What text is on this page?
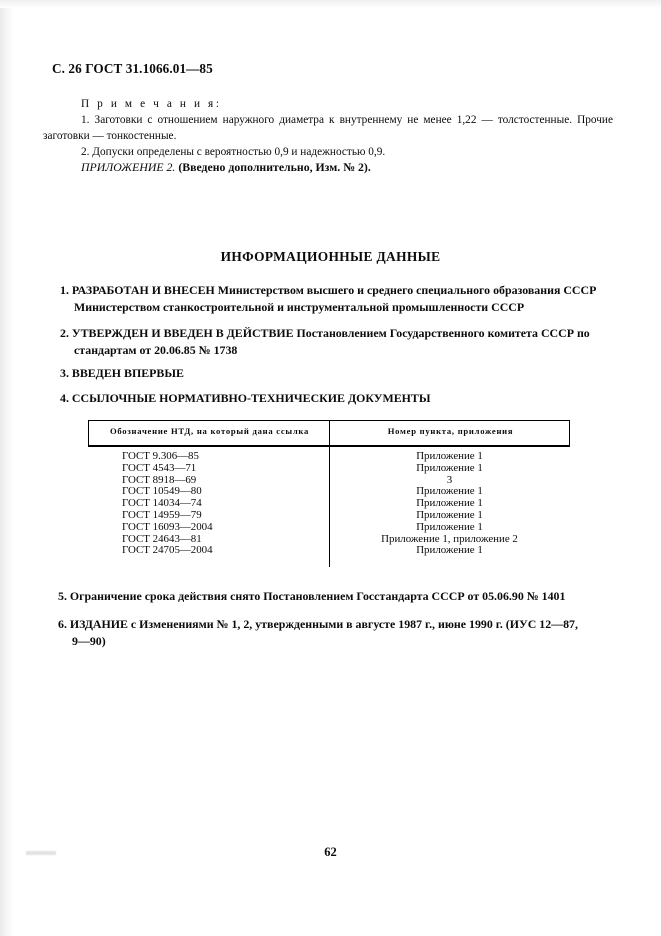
С. 26 ГОСТ 31.1066.01—85
П р и м е ч а н и я:
1. Заготовки с отношением наружного диаметра к внутреннему не менее 1,22 — толстостенные. Прочие заготовки — тонкостенные.
2. Допуски определены с вероятностью 0,9 и надежностью 0,9.
ПРИЛОЖЕНИЕ 2. (Введено дополнительно, Изм. № 2).
ИНФОРМАЦИОННЫЕ ДАННЫЕ
1. РАЗРАБОТАН И ВНЕСЕН Министерством высшего и среднего специального образования СССР
Министерством станкостроительной и инструментальной промышленности СССР
2. УТВЕРЖДЕН И ВВЕДЕН В ДЕЙСТВИЕ Постановлением Государственного комитета СССР по
стандартам от 20.06.85 № 1738
3. ВВЕДЕН ВПЕРВЫЕ
4. ССЫЛОЧНЫЕ НОРМАТИВНО-ТЕХНИЧЕСКИЕ ДОКУМЕНТЫ
Обозначение НТД, на который дана ссылка	Номер пункта, приложения
ГОСТ 9.306—85	Приложение 1
ГОСТ 4543—71	Приложение 1
ГОСТ 8918—69	3
ГОСТ 10549—80	Приложение 1
ГОСТ 14034—74	Приложение 1
ГОСТ 14959—79	Приложение 1
ГОСТ 16093—2004	Приложение 1
ГОСТ 24643—81	Приложение 1, приложение 2
ГОСТ 24705—2004	Приложение 1
5. Ограничение срока действия снято Постановлением Госстандарта СССР от 05.06.90 № 1401
6. ИЗДАНИЕ с Изменениями № 1, 2, утвержденными в августе 1987 г., июне 1990 г. (ИУС 12—87,
9—90)
62
